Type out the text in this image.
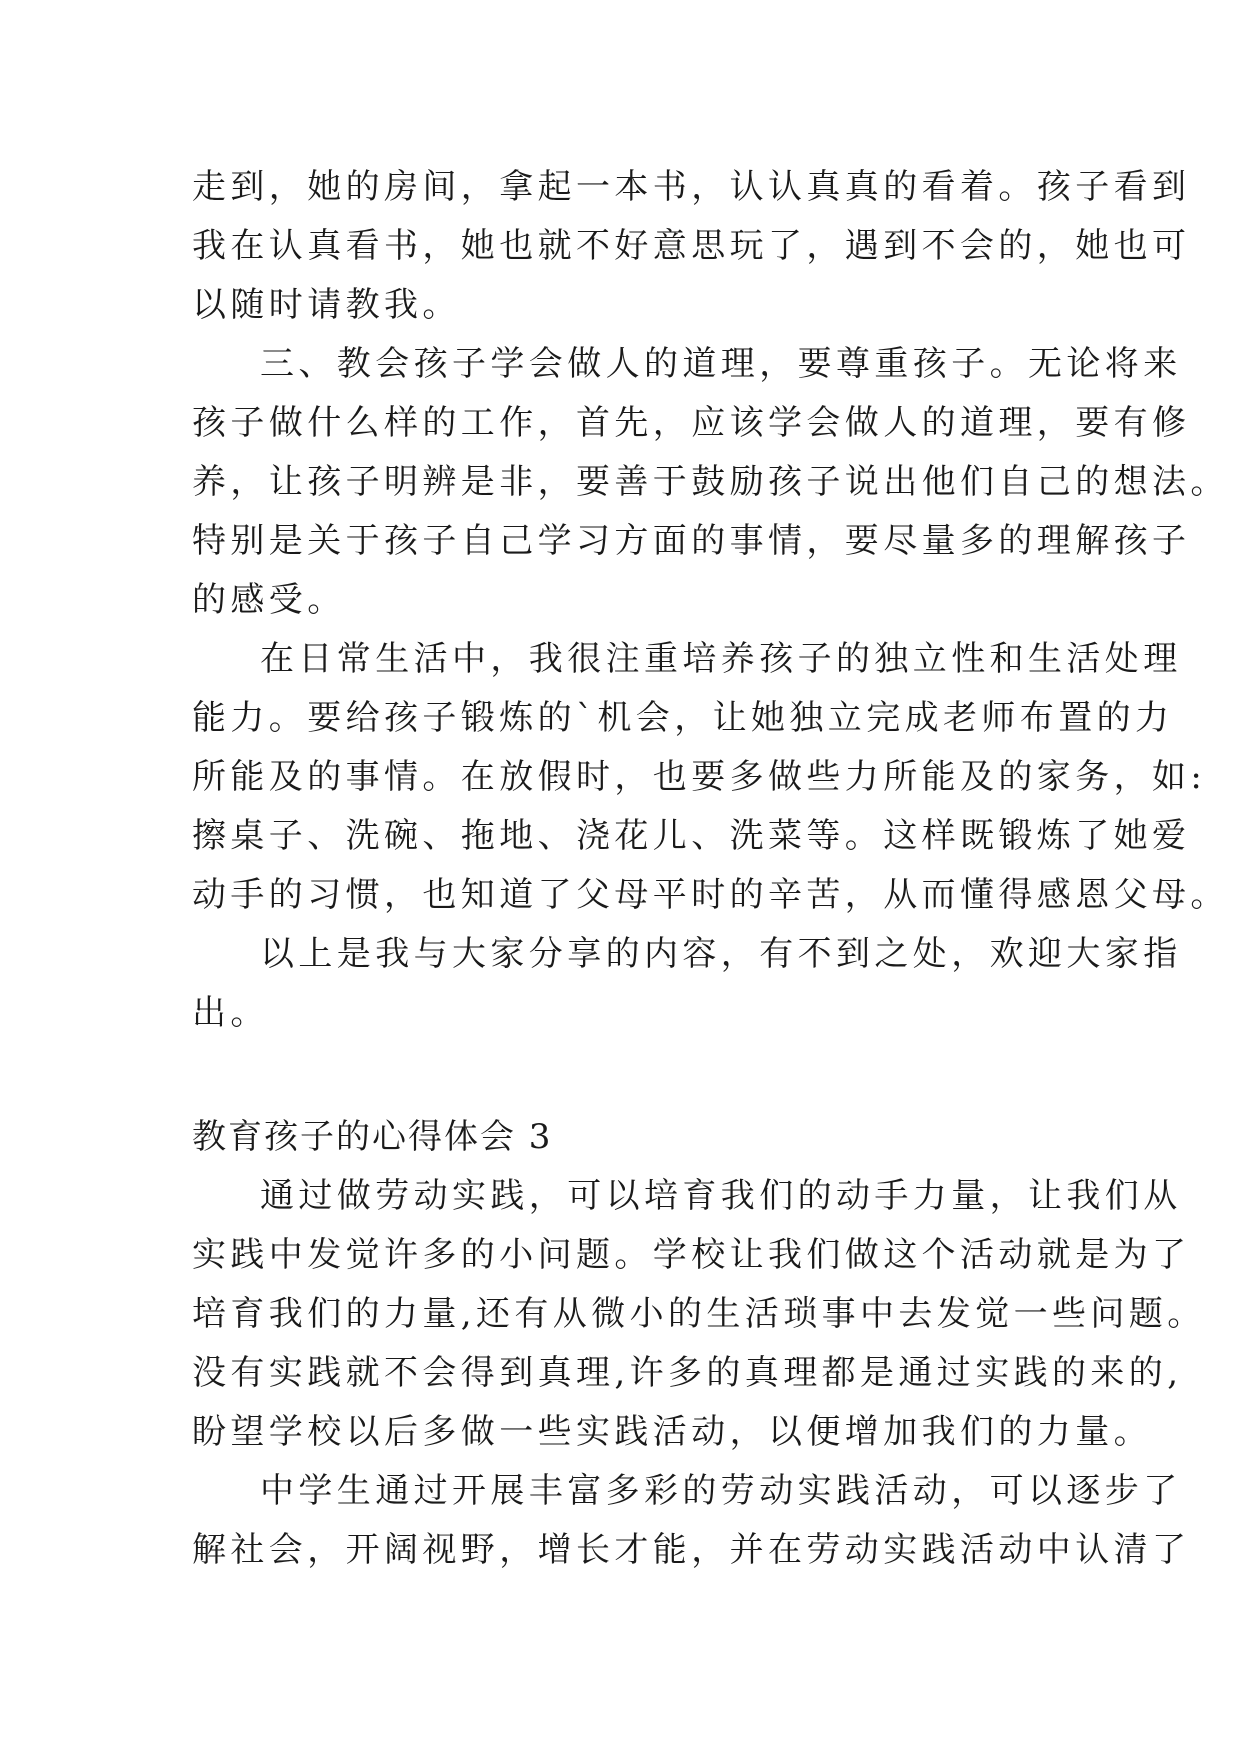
走到，她的房间，拿起一本书，认认真真的看着。孩子看到
我在认真看书，她也就不好意思玩了，遇到不会的，她也可
以随时请教我。

三、教会孩子学会做人的道理，要尊重孩子。无论将来
孩子做什么样的工作，首先，应该学会做人的道理，要有修
养，让孩子明辨是非，要善于鼓励孩子说出他们自己的想法。
特别是关于孩子自己学习方面的事情，要尽量多的理解孩子
的感受。

在日常生活中，我很注重培养孩子的独立性和生活处理
能力。要给孩子锻炼的`机会，让她独立完成老师布置的力
所能及的事情。在放假时，也要多做些力所能及的家务，如:
擦桌子、洗碗、拖地、浇花儿、洗菜等。这样既锻炼了她爱
动手的习惯，也知道了父母平时的辛苦，从而懂得感恩父母。

以上是我与大家分享的内容，有不到之处，欢迎大家指
出。

教育孩子的心得体会 3

通过做劳动实践，可以培育我们的动手力量，让我们从
实践中发觉许多的小问题。学校让我们做这个活动就是为了
培育我们的力量,还有从微小的生活琐事中去发觉一些问题。
没有实践就不会得到真理,许多的真理都是通过实践的来的,
盼望学校以后多做一些实践活动，以便增加我们的力量。

中学生通过开展丰富多彩的劳动实践活动，可以逐步了
解社会，开阔视野，增长才能，并在劳动实践活动中认清了
